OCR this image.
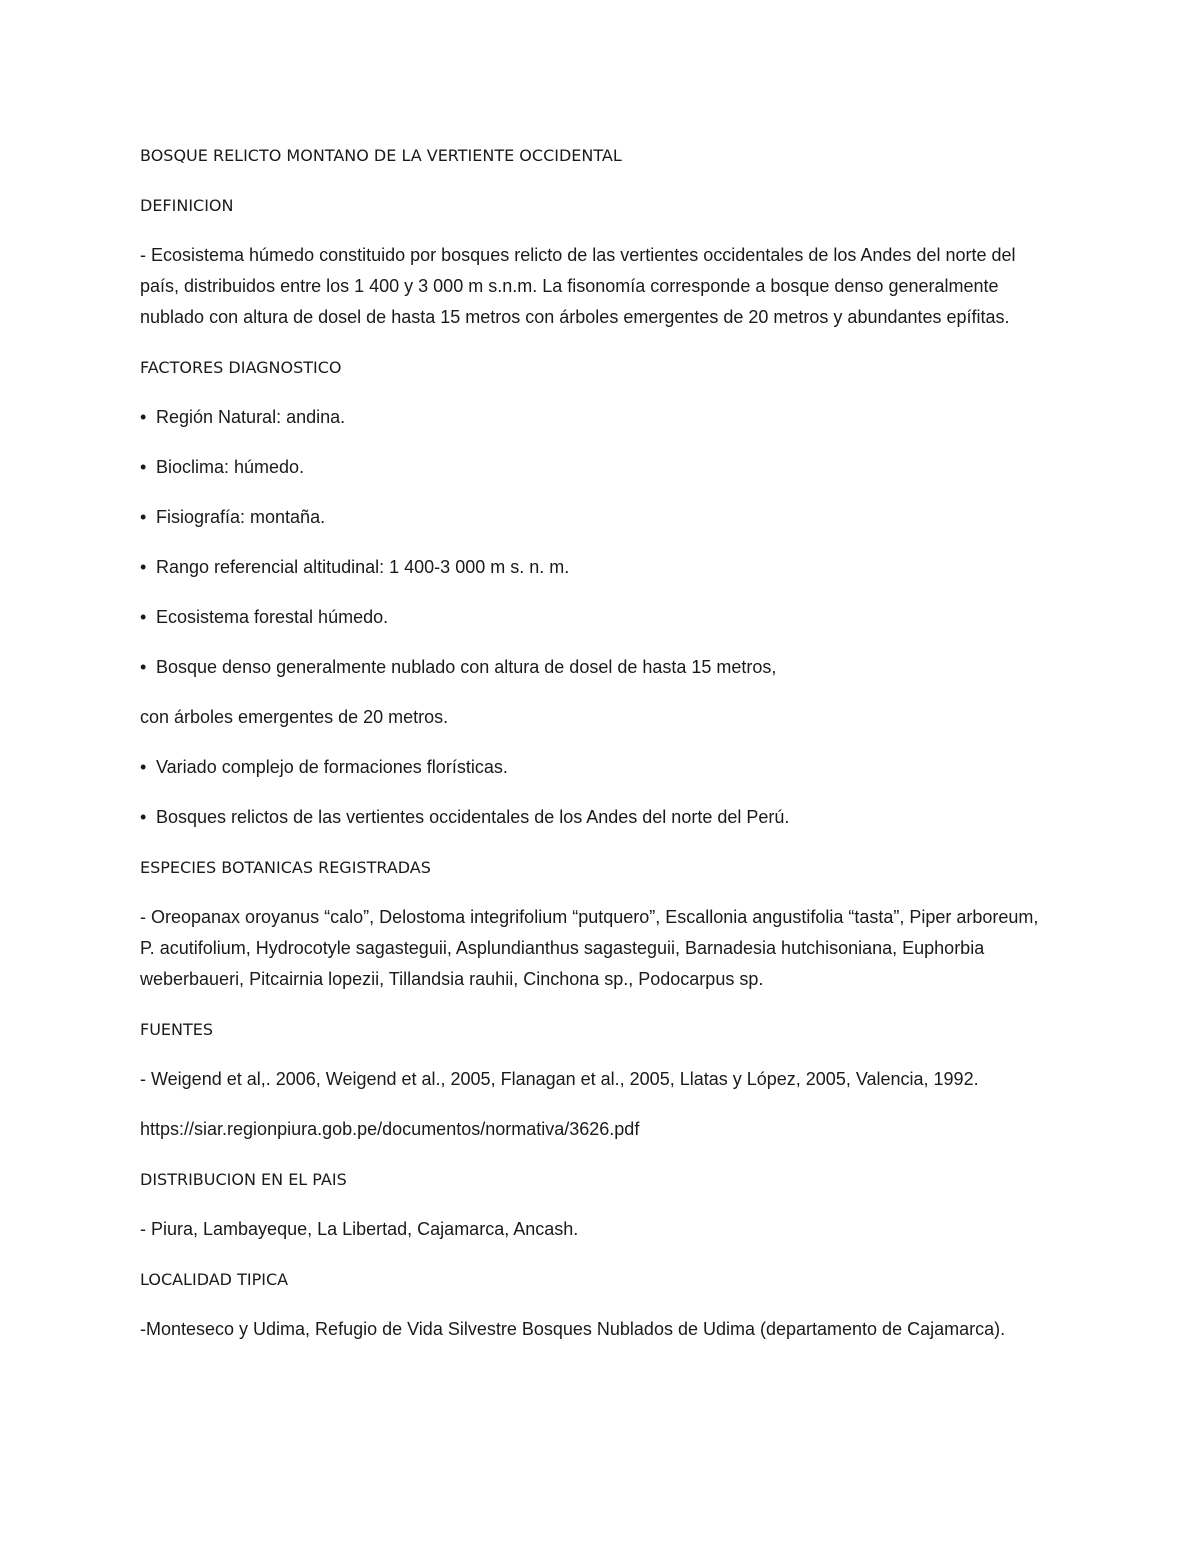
BOSQUE RELICTO MONTANO DE LA VERTIENTE OCCIDENTAL

DEFINICION

- Ecosistema húmedo constituido por bosques relicto de las vertientes occidentales de los Andes del norte del país, distribuidos entre los 1 400 y 3 000 m s.n.m. La fisonomía corresponde a bosque denso generalmente nublado con altura de dosel de hasta 15 metros con árboles emergentes de 20 metros y abundantes epífitas.

FACTORES DIAGNOSTICO

• Región Natural: andina.

• Bioclima: húmedo.

• Fisiografía: montaña.

• Rango referencial altitudinal: 1 400-3 000 m s. n. m.

• Ecosistema forestal húmedo.

• Bosque denso generalmente nublado con altura de dosel de hasta 15 metros,

con árboles emergentes de 20 metros.

• Variado complejo de formaciones florísticas.

• Bosques relictos de las vertientes occidentales de los Andes del norte del Perú.

ESPECIES BOTANICAS REGISTRADAS

- Oreopanax oroyanus “calo”, Delostoma integrifolium “putquero”, Escallonia angustifolia “tasta”, Piper arboreum, P. acutifolium, Hydrocotyle sagasteguii, Asplundianthus sagasteguii, Barnadesia hutchisoniana, Euphorbia weberbaueri, Pitcairnia lopezii, Tillandsia rauhii, Cinchona sp., Podocarpus sp.

FUENTES

- Weigend et al,. 2006, Weigend et al., 2005, Flanagan et al., 2005, Llatas y López, 2005, Valencia, 1992.

https://siar.regionpiura.gob.pe/documentos/normativa/3626.pdf

DISTRIBUCION EN EL PAIS

- Piura, Lambayeque, La Libertad, Cajamarca, Ancash.

LOCALIDAD TIPICA

-Monteseco y Udima, Refugio de Vida Silvestre Bosques Nublados de Udima (departamento de Cajamarca).
